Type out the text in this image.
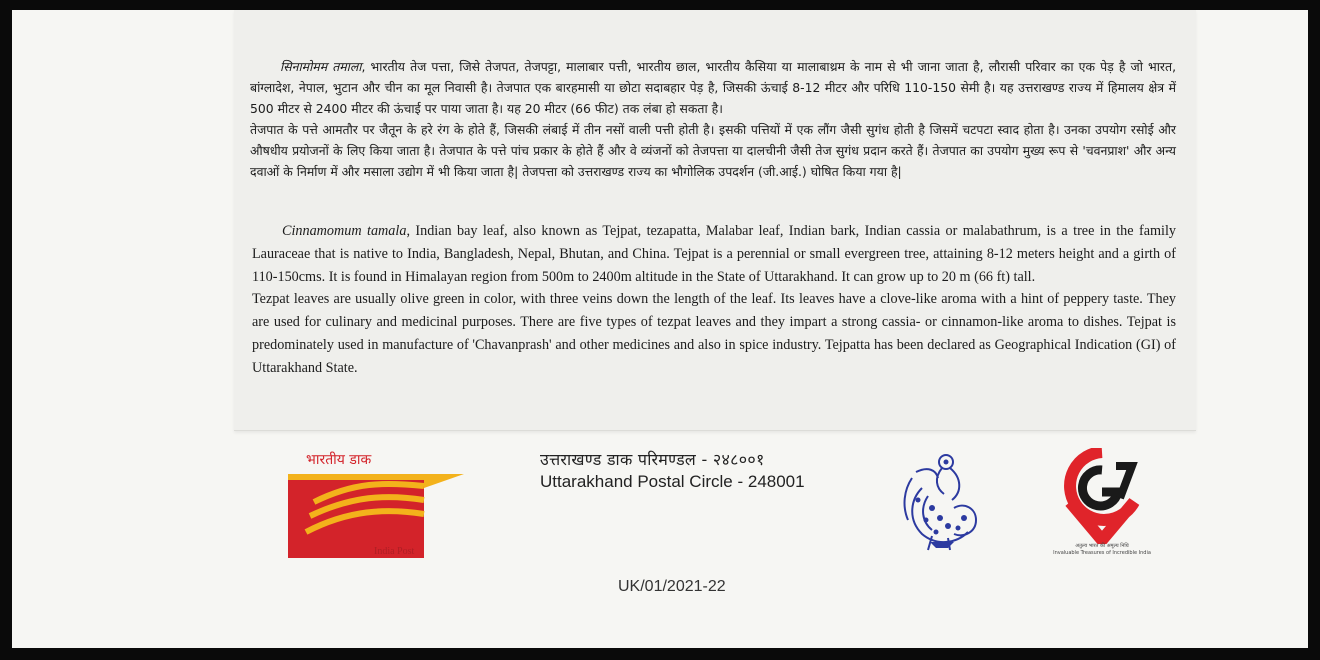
सिनामोमम तमाला, भारतीय तेज पत्ता, जिसे तेजपत, तेजपट्टा, मालाबार पत्ती, भारतीय छाल, भारतीय कैसिया या मालाबाथ्रम के नाम से भी जाना जाता है, लौरासी परिवार का एक पेड़ है जो भारत, बांग्लादेश, नेपाल, भुटान और चीन का मूल निवासी है। तेजपात एक बारहमासी या छोटा सदाबहार पेड़ है, जिसकी ऊंचाई 8-12 मीटर और परिधि 110-150 सेमी है। यह उत्तराखण्ड राज्य में हिमालय क्षेत्र में 500 मीटर से 2400 मीटर की ऊंचाई पर पाया जाता है। यह 20 मीटर (66 फीट) तक लंबा हो सकता है।

तेजपात के पत्ते आमतौर पर जैतून के हरे रंग के होते हैं, जिसकी लंबाई में तीन नसों वाली पत्ती होती है। इसकी पत्तियों में एक लौंग जैसी सुगंध होती है जिसमें चटपटा स्वाद होता है। उनका उपयोग रसोई और औषधीय प्रयोजनों के लिए किया जाता है। तेजपात के पत्ते पांच प्रकार के होते हैं और वे व्यंजनों को तेजपत्ता या दालचीनी जैसी तेज सुगंध प्रदान करते हैं। तेजपात का उपयोग मुख्य रूप से 'चवनप्राश' और अन्य दवाओं के निर्माण में और मसाला उद्योग में भी किया जाता है| तेजपत्ता को उत्तराखण्ड राज्य का भौगोलिक उपदर्शन (जी.आई.) घोषित किया गया है|

Cinnamomum tamala, Indian bay leaf, also known as Tejpat, tezapatta, Malabar leaf, Indian bark, Indian cassia or malabathrum, is a tree in the family Lauraceae that is native to India, Bangladesh, Nepal, Bhutan, and China. Tejpat is a perennial or small evergreen tree, attaining 8-12 meters height and a girth of 110-150cms. It is found in Himalayan region from 500m to 2400m altitude in the State of Uttarakhand. It can grow up to 20 m (66 ft) tall.

Tezpat leaves are usually olive green in color, with three veins down the length of the leaf. Its leaves have a clove-like aroma with a hint of peppery taste. They are used for culinary and medicinal purposes. There are five types of tezpat leaves and they impart a strong cassia- or cinnamon-like aroma to dishes. Tejpat is predominately used in manufacture of 'Chavanprash' and other medicines and also in spice industry. Tejpatta has been declared as Geographical Indication (GI) of Uttarakhand State.

भारतीय डाक
India Post
उत्तराखण्ड डाक परिमण्डल - २४८००१
Uttarakhand Postal Circle - 248001
अतुल्य भारत की अमूल्य निधि
Invaluable Treasures of Incredible India
UK/01/2021-22
